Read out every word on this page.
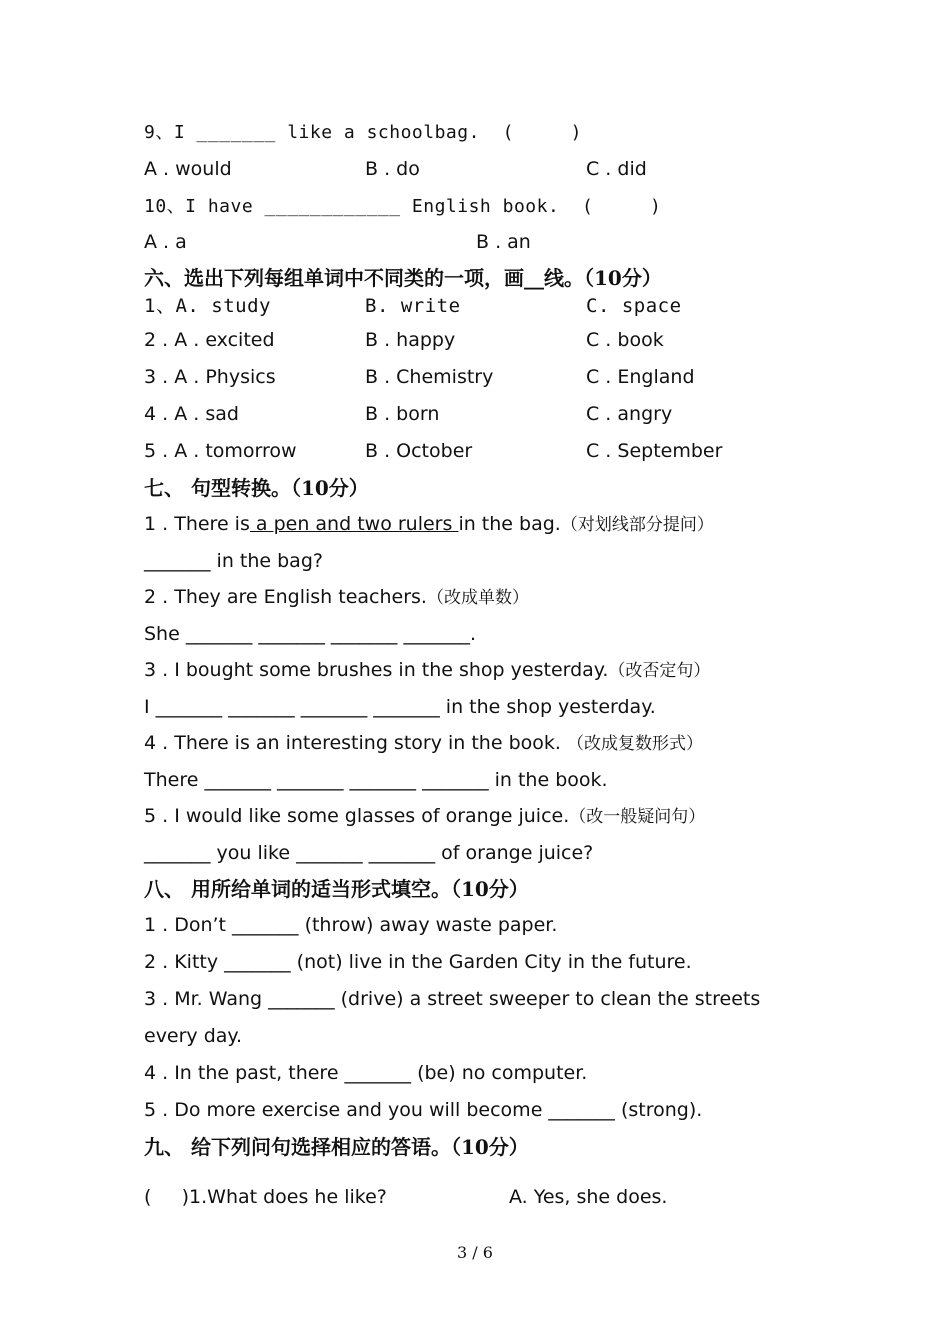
9、I _______ like a schoolbag.  (     )
A . would	B . do	C . did
10、I have ____________ English book.  (     )
A . a	B . an
六、选出下列每组单词中不同类的一项，画__线。（10分）
1、A. study	B. write	C. space
2 . A . excited	B . happy	C . book
3 . A . Physics	B . Chemistry	C . England
4 . A . sad	B . born	C . angry
5 . A . tomorrow	B . October	C . September
七、 句型转换。（10分）
1 . There is a pen and two rulers in the bag.（对划线部分提问）
_______ in the bag?
2 . They are English teachers.（改成单数）
She _______ _______ _______ _______.
3 . I bought some brushes in the shop yesterday.（改否定句）
I _______ _______ _______ _______ in the shop yesterday.
4 . There is an interesting story in the book. （改成复数形式）
There _______ _______ _______ _______ in the book.
5 . I would like some glasses of orange juice.（改一般疑问句）
_______ you like _______ _______ of orange juice?
八、 用所给单词的适当形式填空。（10分）
1 . Don’t _______ (throw) away waste paper.
2 . Kitty _______ (not) live in the Garden City in the future.
3 . Mr. Wang _______ (drive) a street sweeper to clean the streets
every day.
4 . In the past, there _______ (be) no computer.
5 . Do more exercise and you will become _______ (strong).
九、 给下列问句选择相应的答语。（10分）
(     )1.What does he like?	A. Yes, she does.
3 / 6
